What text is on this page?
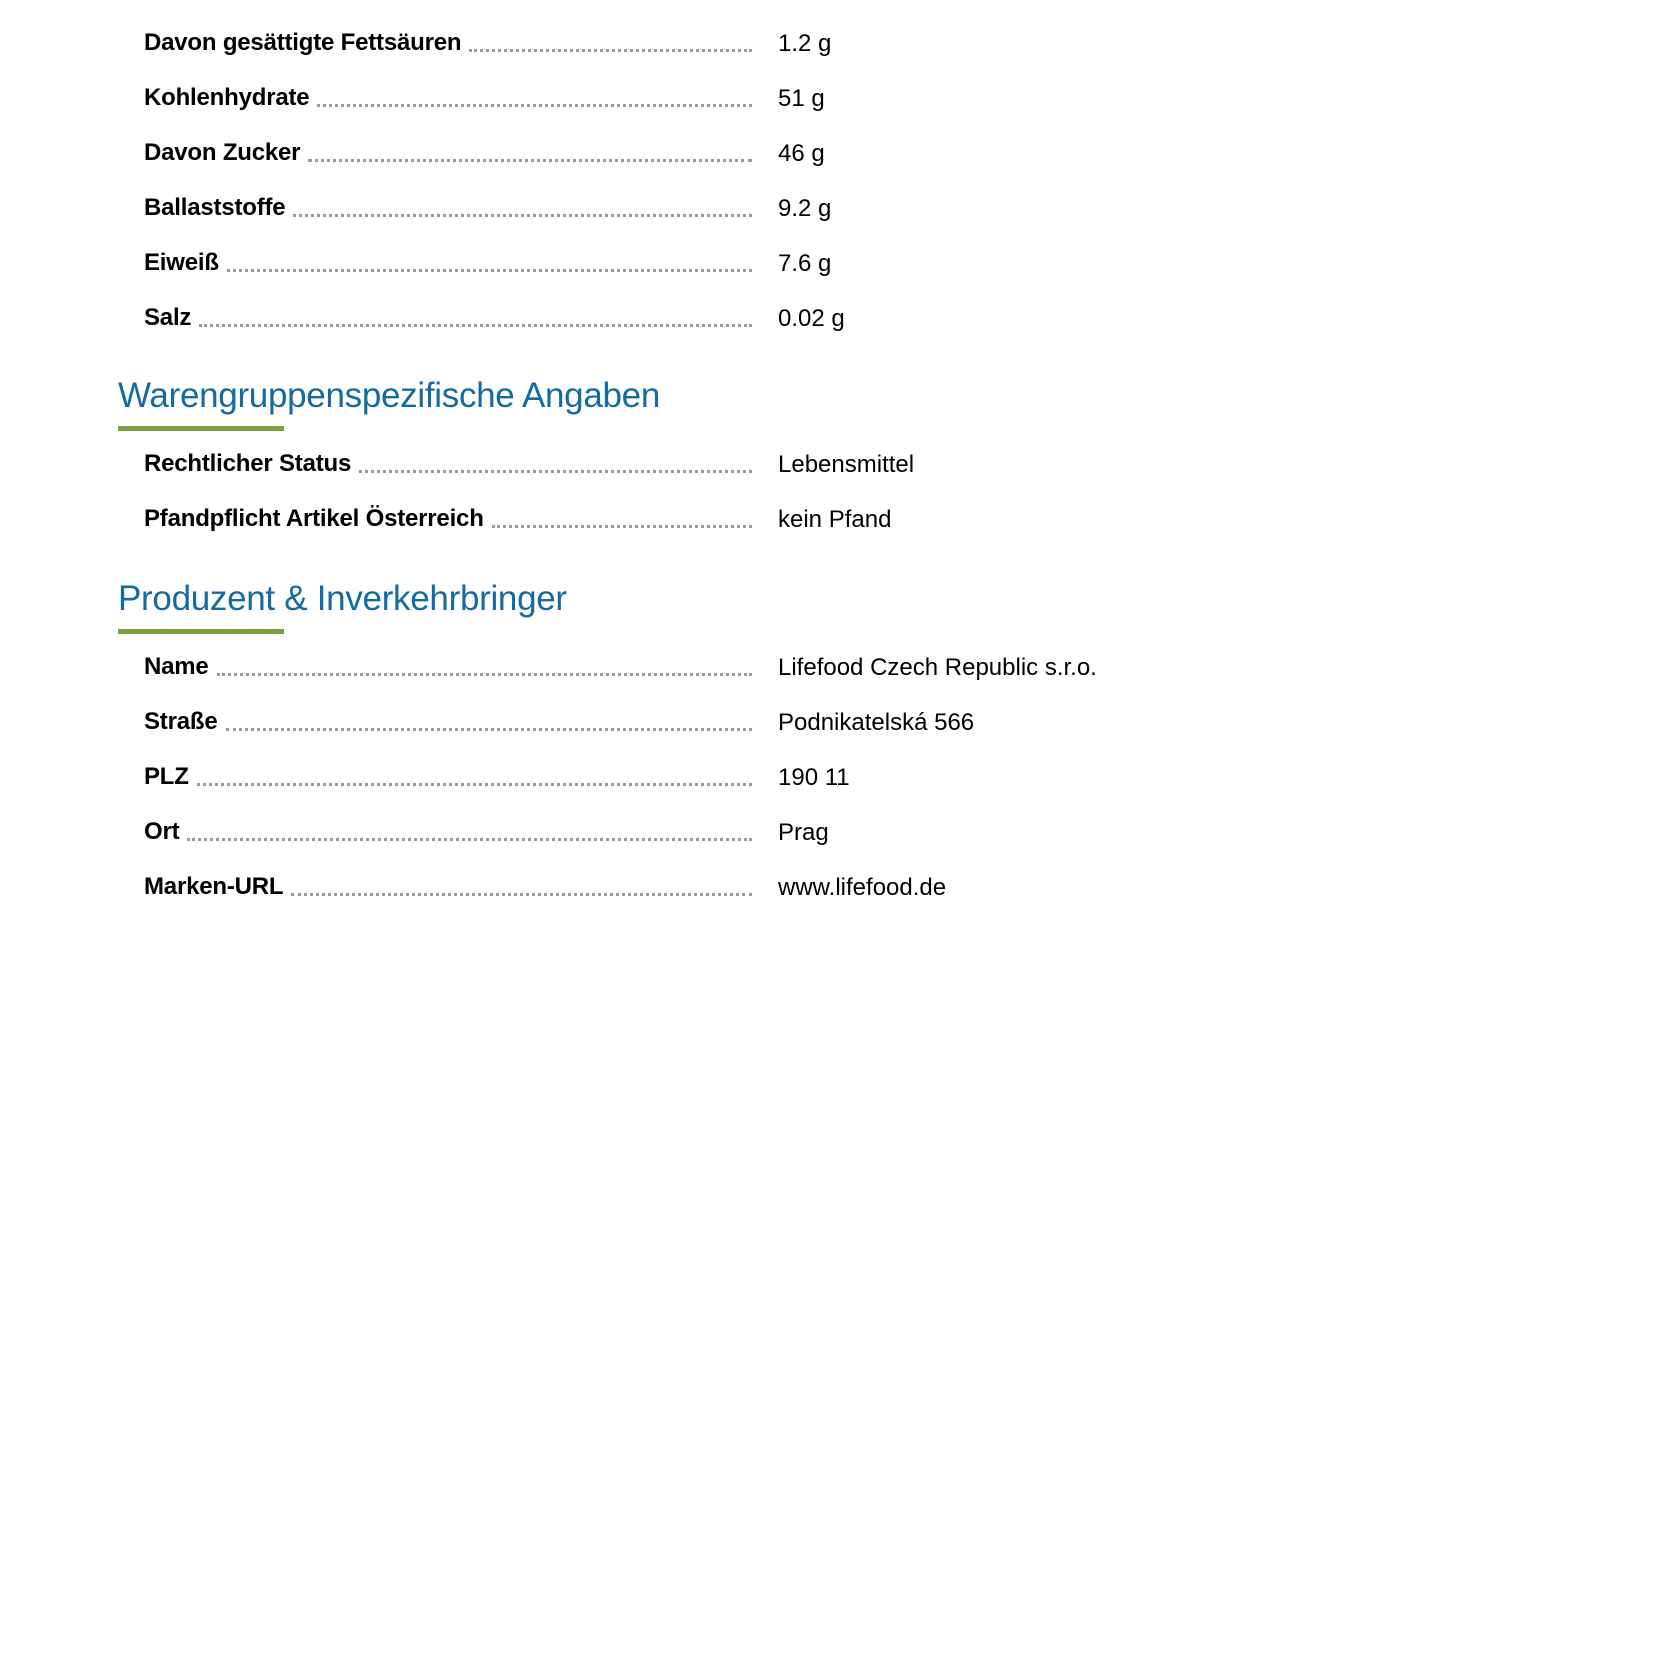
Davon gesättigte Fettsäuren	1.2 g
Kohlenhydrate	51 g
Davon Zucker	46 g
Ballaststoffe	9.2 g
Eiweiß	7.6 g
Salz	0.02 g
Warengruppenspezifische Angaben
Rechtlicher Status	Lebensmittel
Pfandpflicht Artikel Österreich	kein Pfand
Produzent & Inverkehrbringer
Name	Lifefood Czech Republic s.r.o.
Straße	Podnikatelská 566
PLZ	190 11
Ort	Prag
Marken-URL	www.lifefood.de
